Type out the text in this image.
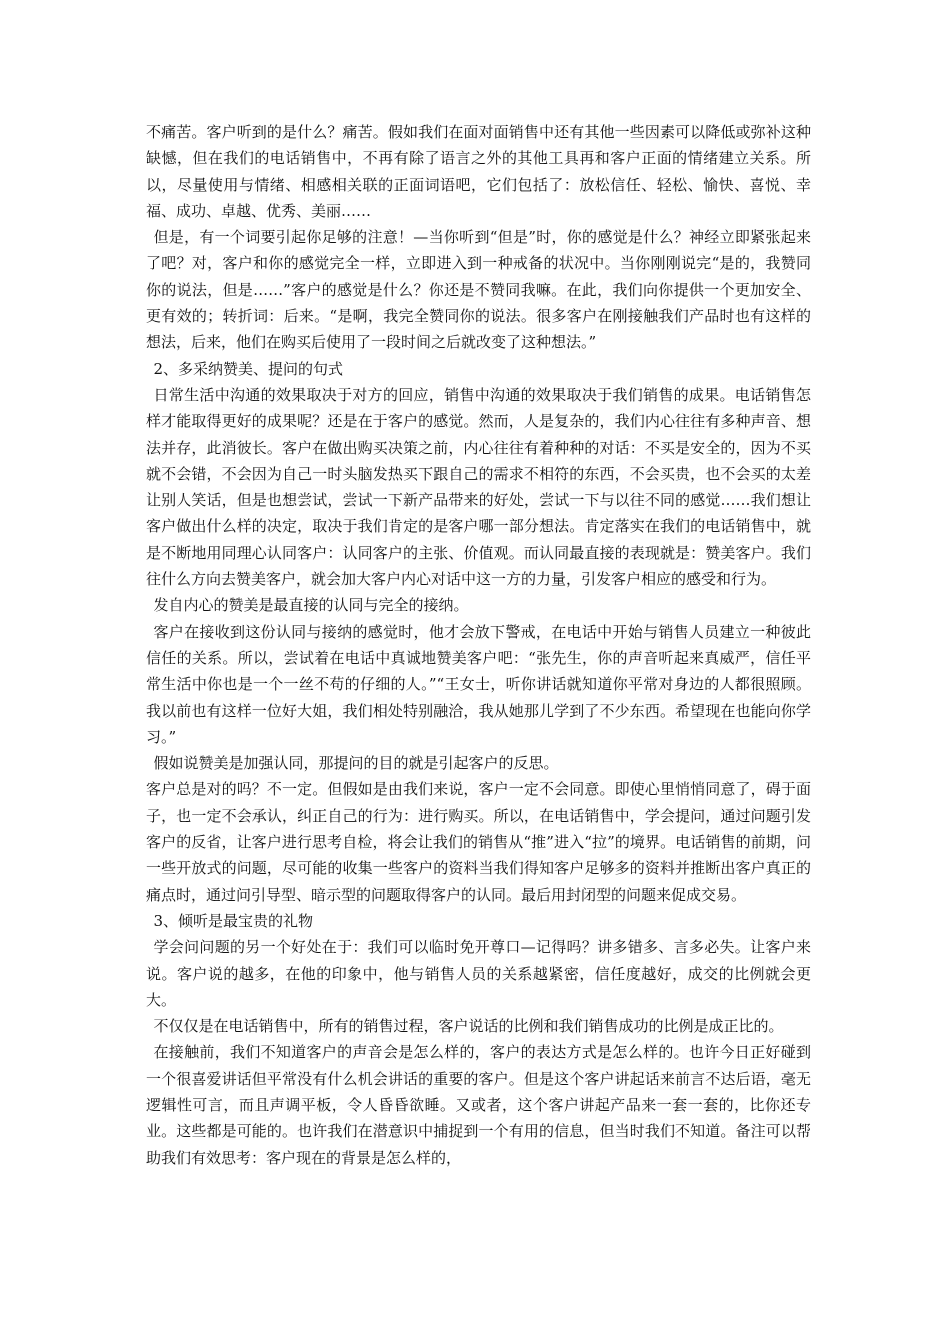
不痛苦。客户听到的是什么？痛苦。假如我们在面对面销售中还有其他一些因素可以降低或弥补这种缺憾，但在我们的电话销售中，不再有除了语言之外的其他工具再和客户正面的情绪建立关系。所以，尽量使用与情绪、相感相关联的正面词语吧，它们包括了：放松信任、轻松、愉快、喜悦、幸福、成功、卓越、优秀、美丽……

但是，有一个词要引起你足够的注意！—当你听到“但是”时，你的感觉是什么？神经立即紧张起来了吧？对，客户和你的感觉完全一样，立即进入到一种戒备的状况中。当你刚刚说完“是的，我赞同你的说法，但是……”客户的感觉是什么？你还是不赞同我嘛。在此，我们向你提供一个更加安全、更有效的；转折词：后来。“是啊，我完全赞同你的说法。很多客户在刚接触我们产品时也有这样的想法，后来，他们在购买后使用了一段时间之后就改变了这种想法。”

2、多采纳赞美、提问的句式

日常生活中沟通的效果取决于对方的回应，销售中沟通的效果取决于我们销售的成果。电话销售怎样才能取得更好的成果呢？还是在于客户的感觉。然而，人是复杂的，我们内心往往有多种声音、想法并存，此消彼长。客户在做出购买决策之前，内心往往有着种种的对话：不买是安全的，因为不买就不会错，不会因为自己一时头脑发热买下跟自己的需求不相符的东西，不会买贵，也不会买的太差让别人笑话，但是也想尝试，尝试一下新产品带来的好处，尝试一下与以往不同的感觉……我们想让客户做出什么样的决定，取决于我们肯定的是客户哪一部分想法。肯定落实在我们的电话销售中，就是不断地用同理心认同客户：认同客户的主张、价值观。而认同最直接的表现就是：赞美客户。我们往什么方向去赞美客户，就会加大客户内心对话中这一方的力量，引发客户相应的感受和行为。

发自内心的赞美是最直接的认同与完全的接纳。

客户在接收到这份认同与接纳的感觉时，他才会放下警戒，在电话中开始与销售人员建立一种彼此信任的关系。所以，尝试着在电话中真诚地赞美客户吧：“张先生，你的声音听起来真威严，信任平常生活中你也是一个一丝不苟的仔细的人。”“王女士，听你讲话就知道你平常对身边的人都很照顾。我以前也有这样一位好大姐，我们相处特别融洽，我从她那儿学到了不少东西。希望现在也能向你学习。”

假如说赞美是加强认同，那提问的目的就是引起客户的反思。

客户总是对的吗？不一定。但假如是由我们来说，客户一定不会同意。即使心里悄悄同意了，碍于面子，也一定不会承认，纠正自己的行为：进行购买。所以，在电话销售中，学会提问，通过问题引发客户的反省，让客户进行思考自检，将会让我们的销售从“推”进入“拉”的境界。电话销售的前期，问一些开放式的问题，尽可能的收集一些客户的资料当我们得知客户足够多的资料并推断出客户真正的痛点时，通过问引导型、暗示型的问题取得客户的认同。最后用封闭型的问题来促成交易。

3、倾听是最宝贵的礼物

学会问问题的另一个好处在于：我们可以临时免开尊口—记得吗？讲多错多、言多必失。让客户来说。客户说的越多，在他的印象中，他与销售人员的关系越紧密，信任度越好，成交的比例就会更大。

不仅仅是在电话销售中，所有的销售过程，客户说话的比例和我们销售成功的比例是成正比的。

在接触前，我们不知道客户的声音会是怎么样的，客户的表达方式是怎么样的。也许今日正好碰到一个很喜爱讲话但平常没有什么机会讲话的重要的客户。但是这个客户讲起话来前言不达后语，毫无逻辑性可言，而且声调平板，令人昏昏欲睡。又或者，这个客户讲起产品来一套一套的，比你还专业。这些都是可能的。也许我们在潜意识中捕捉到一个有用的信息，但当时我们不知道。备注可以帮助我们有效思考：客户现在的背景是怎么样的，
